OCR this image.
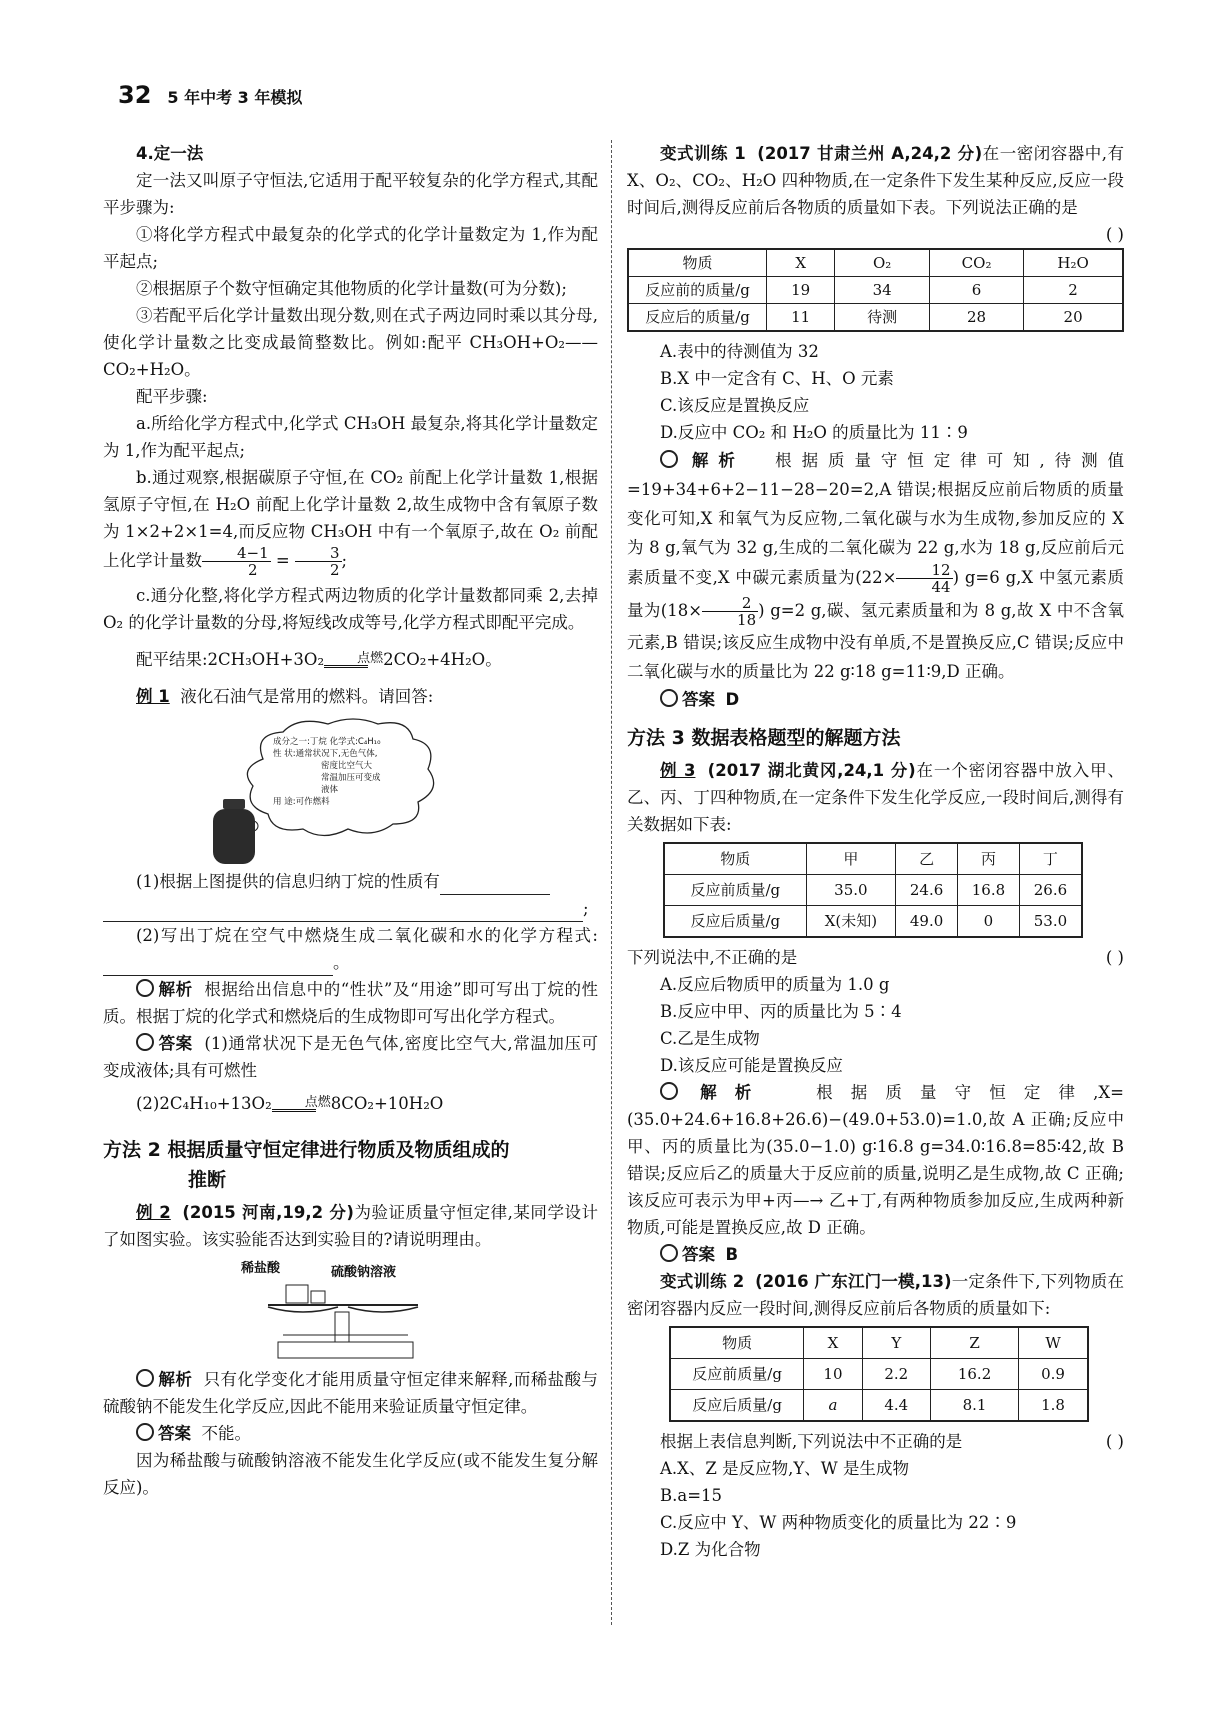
32 5 年中考 3 年模拟

4.定一法

定一法又叫原子守恒法,它适用于配平较复杂的化学方程式,其配平步骤为:

①将化学方程式中最复杂的化学式的化学计量数定为 1,作为配平起点;

②根据原子个数守恒确定其他物质的化学计量数(可为分数);

③若配平后化学计量数出现分数,则在式子两边同时乘以其分母,使化学计量数之比变成最简整数比。例如:配平 CH₃OH+O₂——CO₂+H₂O。

配平步骤:

a.所给化学方程式中,化学式 CH₃OH 最复杂,将其化学计量数定为 1,作为配平起点;

b.通过观察,根据碳原子守恒,在 CO₂ 前配上化学计量数 1,根据氢原子守恒,在 H₂O 前配上化学计量数 2,故生成物中含有氧原子数为 1×2+2×1=4,而反应物 CH₃OH 中有一个氧原子,故在 O₂ 前配上化学计量数 $\frac{4-1}{2} = \frac{3}{2}$ ;

c.通分化整,将化学方程式两边物质的化学计量数都同乘 2,去掉 O₂ 的化学计量数的分母,将短线改成等号,化学方程式即配平完成。

配平结果:2CH₃OH+3O₂	点燃
2CO₂+4H₂O。

例 1 液化石油气是常用的燃料。请回答:

成分之一:丁烷 化学式:C₄H₁₀
性 状:通常状况下,无色气体,
密度比空气大
常温加压可变成
液体
用 途:可作燃料

(1)根据上图提供的信息归纳丁烷的性质有

;

(2)写出丁烷在空气中燃烧生成二氧化碳和水的化学方程式:。

解析 根据给出信息中的“性状”及“用途”即可写出丁烷的性质。根据丁烷的化学式和燃烧后的生成物即可写出化学方程式。

答案 (1)通常状况下是无色气体,密度比空气大,常温加压可变成液体;具有可燃性

(2)2C₄H₁₀+13O₂	点燃
8CO₂+10H₂O

方法 2 根据质量守恒定律进行物质及物质组成的
推断

例 2 (2015 河南,19,2 分)为验证质量守恒定律,某同学设计了如图实验。该实验能否达到实验目的?请说明理由。

稀盐酸	硫酸钠溶液

解析 只有化学变化才能用质量守恒定律来解释,而稀盐酸与硫酸钠不能发生化学反应,因此不能用来验证质量守恒定律。

答案 不能。

因为稀盐酸与硫酸钠溶液不能发生化学反应(或不能发生复分解反应)。

变式训练 1 (2017 甘肃兰州 A,24,2 分)在一密闭容器中,有 X、O₂、CO₂、H₂O 四种物质,在一定条件下发生某种反应,反应一段时间后,测得反应前后各物质的质量如下表。下列说法正确的是
( )

物质	X	O₂	CO₂	H₂O
反应前的质量/g	19	34	6	2
反应后的质量/g	11	待测	28	20

A.表中的待测值为 32

B.X 中一定含有 C、H、O 元素

C.该反应是置换反应

D.反应中 CO₂ 和 H₂O 的质量比为 11∶9

解析 根据质量守恒定律可知,待测值=19+34+6+2−11−28−20=2,A 错误;根据反应前后物质的质量变化可知,X 和氧气为反应物,二氧化碳与水为生成物,参加反应的 X 为 8 g,氧气为 32 g,生成的二氧化碳为 22 g,水为 18 g,反应前后元素质量不变,X 中碳元素质量为($22\times \frac{12}{44}$ ) g=6 g,X 中氢元素质量为($18\times \frac{2}{18}$ ) g=2 g,碳、氢元素质量和为 8 g,故 X 中不含氧元素,B 错误;该反应生成物中没有单质,不是置换反应,C 错误;反应中二氧化碳与水的质量比为 22 g∶18 g=11∶9,D 正确。

答案 D

方法 3 数据表格题型的解题方法

例 3 (2017 湖北黄冈,24,1 分)在一个密闭容器中放入甲、乙、丙、丁四种物质,在一定条件下发生化学反应,一段时间后,测得有关数据如下表:

物质	甲	乙	丙	丁
反应前质量/g	35.0	24.6	16.8	26.6
反应后质量/g	X(未知)	49.0	0	53.0

下列说法中,不正确的是	( )

A.反应后物质甲的质量为 1.0 g

B.反应中甲、丙的质量比为 5∶4

C.乙是生成物

D.该反应可能是置换反应

解析	根据质量守恒定律,X=(35.0+24.6+16.8+26.6)−(49.0+53.0)=1.0,故 A 正确;反应中甲、丙的质量比为(35.0−1.0) g∶16.8 g=34.0∶16.8=85∶42,故 B 错误;反应后乙的质量大于反应前的质量,说明乙是生成物,故 C 正确;该反应可表示为甲+丙—→ 乙+丁,有两种物质参加反应,生成两种新物质,可能是置换反应,故 D 正确。

答案 B

变式训练 2 (2016 广东江门一模,13)一定条件下,下列物质在密闭容器内反应一段时间,测得反应前后各物质的质量如下:

物质	X	Y	Z	W
反应前质量/g	10	2.2	16.2	0.9
反应后质量/g	a	4.4	8.1	1.8

根据上表信息判断,下列说法中不正确的是	( )

A.X、Z 是反应物,Y、W 是生成物

B.a=15

C.反应中 Y、W 两种物质变化的质量比为 22∶9

D.Z 为化合物
